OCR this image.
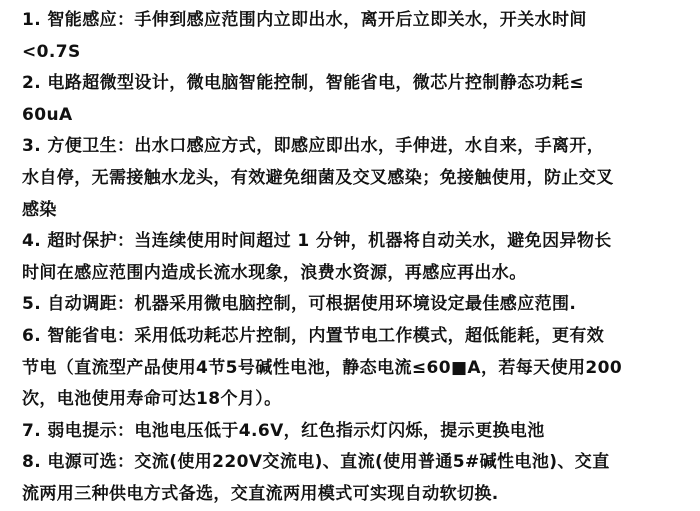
1. 智能感应：手伸到感应范围内立即出水，离开后立即关水，开关水时间
<0.7S
2. 电路超微型设计，微电脑智能控制，智能省电，微芯片控制静态功耗≤
60uA
3. 方便卫生：出水口感应方式，即感应即出水，手伸进，水自来，手离开，
水自停，无需接触水龙头，有效避免细菌及交叉感染；免接触使用，防止交叉
感染
4. 超时保护：当连续使用时间超过 1 分钟，机器将自动关水，避免因异物长
时间在感应范围内造成长流水现象，浪费水资源，再感应再出水。
5. 自动调距：机器采用微电脑控制，可根据使用环境设定最佳感应范围.
6. 智能省电：采用低功耗芯片控制，内置节电工作模式，超低能耗，更有效
节电（直流型产品使用4节5号碱性电池，静态电流≤60■A，若每天使用200
次，电池使用寿命可达18个月）。
7. 弱电提示：电池电压低于4.6V，红色指示灯闪烁，提示更换电池
8. 电源可选：交流(使用220V交流电)、直流(使用普通5#碱性电池)、交直
流两用三种供电方式备选，交直流两用模式可实现自动软切换.
